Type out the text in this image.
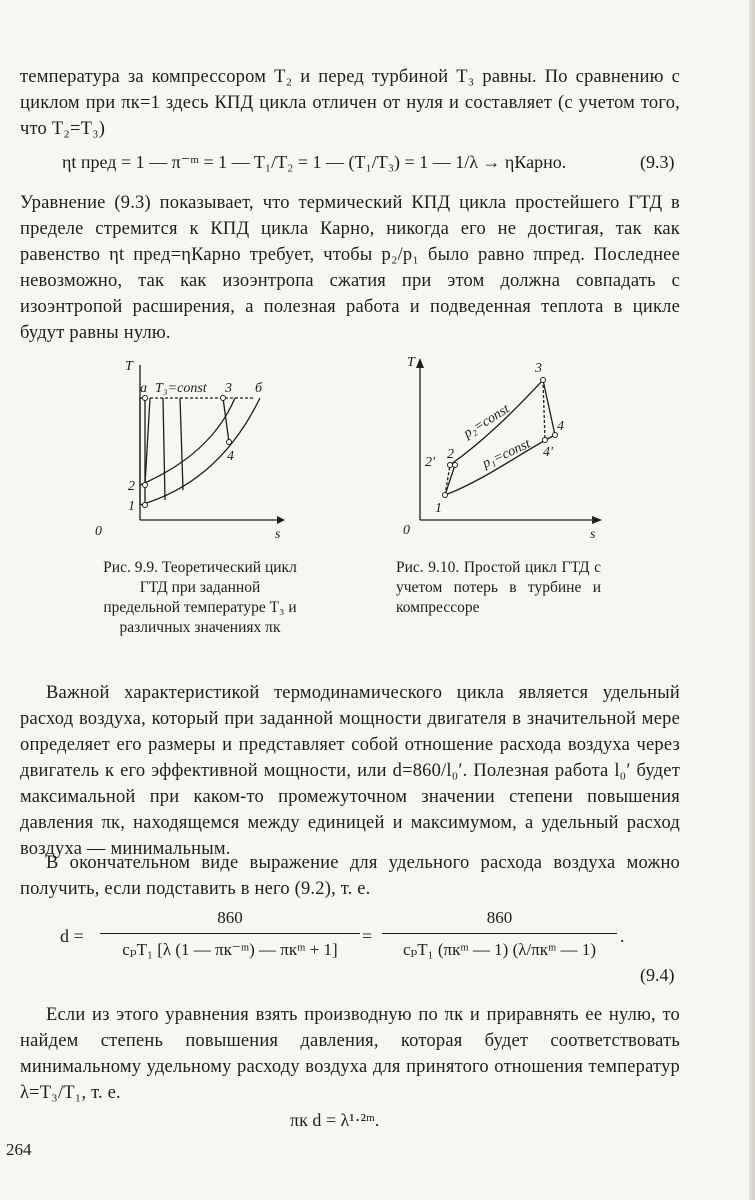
температура за компрессором T₂ и перед турбиной T₃ равны. По сравнению с циклом при πк=1 здесь КПД цикла отличен от нуля и составляет (с учетом того, что T₂=T₃)

ηt пред = 1 — π⁻ᵐ = 1 — T₁/T₂ = 1 — (T₁/T₃) = 1 — 1/λ → ηКарно.	(9.3)

Уравнение (9.3) показывает, что термический КПД цикла простейшего ГТД в пределе стремится к КПД цикла Карно, никогда его не достигая, так как равенство ηt пред=ηКарно требует, чтобы p₂/p₁ было равно πпред. Последнее невозможно, так как изоэнтропа сжатия при этом должна совпадать с изоэнтропой расширения, а полезная работа и подведенная теплота в цикле будут равны нулю.

T
a T₃=const 3 б
4
2
1
0	s
Рис. 9.9. Теоретический цикл ГТД при заданной предельной температуре T₃ и различных значениях πк
T	3
p₂=const
p₁=const
4
4′
2′
2
1
0	s
Рис. 9.10. Простой цикл ГТД с учетом потерь в турбине и компрессоре

Важной характеристикой термодинамического цикла является удельный расход воздуха, который при заданной мощности двигателя в значительной мере определяет его размеры и представляет собой отношение расхода воздуха через двигатель к его эффективной мощности, или d=860/l₀′. Полезная работа l₀′ будет максимальной при каком-то промежуточном значении степени повышения давления πк, находящемся между единицей и максимумом, а удельный расход воздуха — минимальным.

В окончательном виде выражение для удельного расхода воздуха можно получить, если подставить в него (9.2), т. е.

d =
860
cₚT₁ [λ (1 — πк⁻ᵐ) — πкᵐ + 1]
=
860
cₚT₁ (πкᵐ — 1) (λ/πкᵐ — 1)
.
(9.4)

Если из этого уравнения взять производную по πк и приравнять ее нулю, то найдем степень повышения давления, которая будет соответствовать минимальному удельному расходу воздуха для принятого отношения температур λ=T₃/T₁, т. е.

πк d = λ¹·²ᵐ.
264
